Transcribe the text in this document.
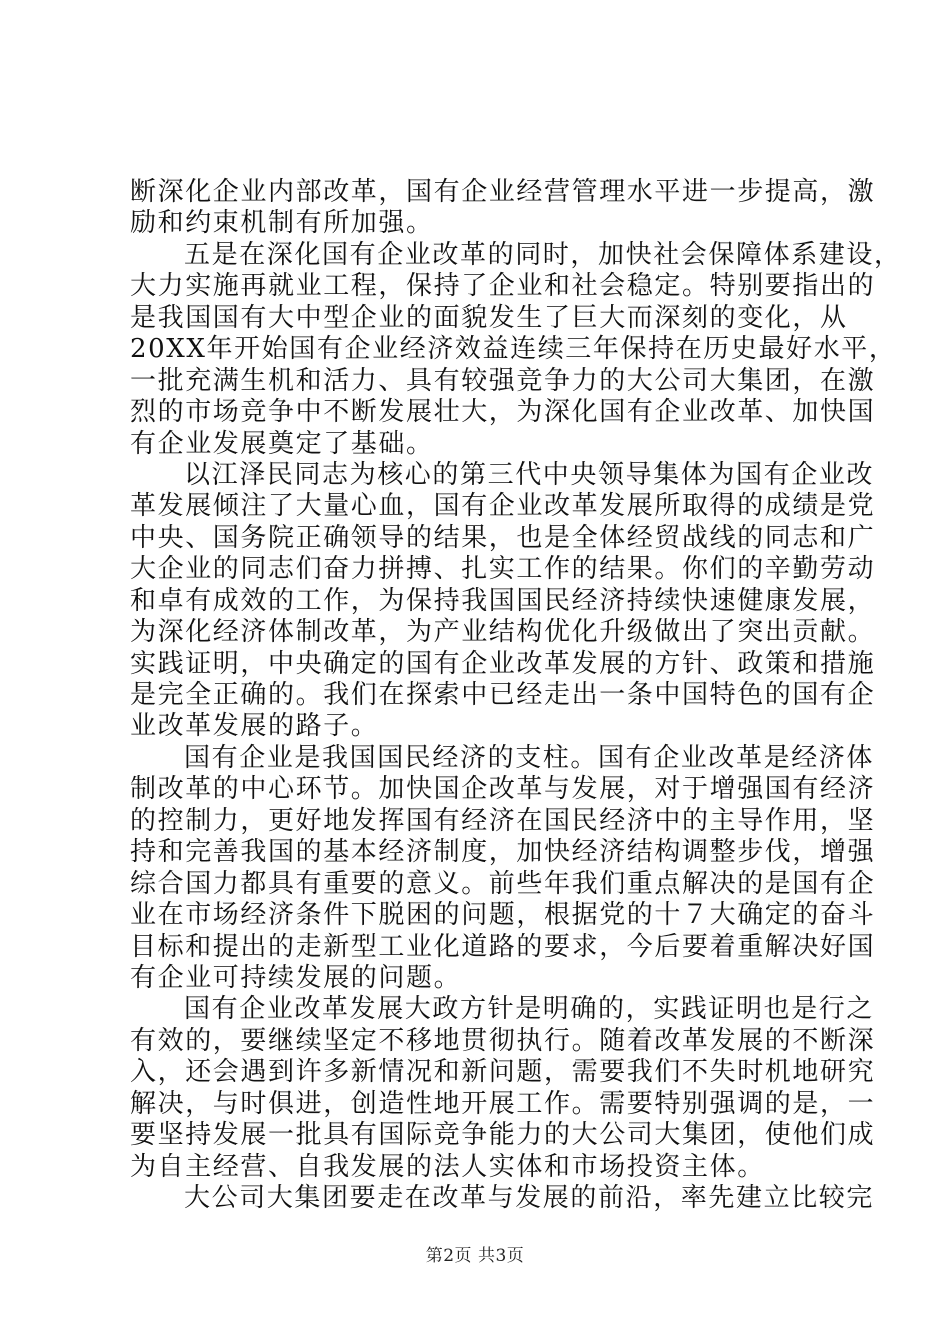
断深化企业内部改革，国有企业经营管理水平进一步提高，激
励和约束机制有所加强。
五是在深化国有企业改革的同时，加快社会保障体系建设，
大力实施再就业工程，保持了企业和社会稳定。特别要指出的
是我国国有大中型企业的面貌发生了巨大而深刻的变化，从
20XX年开始国有企业经济效益连续三年保持在历史最好水平，
一批充满生机和活力、具有较强竞争力的大公司大集团，在激
烈的市场竞争中不断发展壮大，为深化国有企业改革、加快国
有企业发展奠定了基础。
以江泽民同志为核心的第三代中央领导集体为国有企业改
革发展倾注了大量心血，国有企业改革发展所取得的成绩是党
中央、国务院正确领导的结果，也是全体经贸战线的同志和广
大企业的同志们奋力拼搏、扎实工作的结果。你们的辛勤劳动
和卓有成效的工作，为保持我国国民经济持续快速健康发展，
为深化经济体制改革，为产业结构优化升级做出了突出贡献。
实践证明，中央确定的国有企业改革发展的方针、政策和措施
是完全正确的。我们在探索中已经走出一条中国特色的国有企
业改革发展的路子。
国有企业是我国国民经济的支柱。国有企业改革是经济体
制改革的中心环节。加快国企改革与发展，对于增强国有经济
的控制力，更好地发挥国有经济在国民经济中的主导作用，坚
持和完善我国的基本经济制度，加快经济结构调整步伐，增强
综合国力都具有重要的意义。前些年我们重点解决的是国有企
业在市场经济条件下脱困的问题，根据党的十７大确定的奋斗
目标和提出的走新型工业化道路的要求，今后要着重解决好国
有企业可持续发展的问题。
国有企业改革发展大政方针是明确的，实践证明也是行之
有效的，要继续坚定不移地贯彻执行。随着改革发展的不断深
入，还会遇到许多新情况和新问题，需要我们不失时机地研究
解决，与时俱进，创造性地开展工作。需要特别强调的是，一
要坚持发展一批具有国际竞争能力的大公司大集团，使他们成
为自主经营、自我发展的法人实体和市场投资主体。
大公司大集团要走在改革与发展的前沿，率先建立比较完
第2页 共3页
